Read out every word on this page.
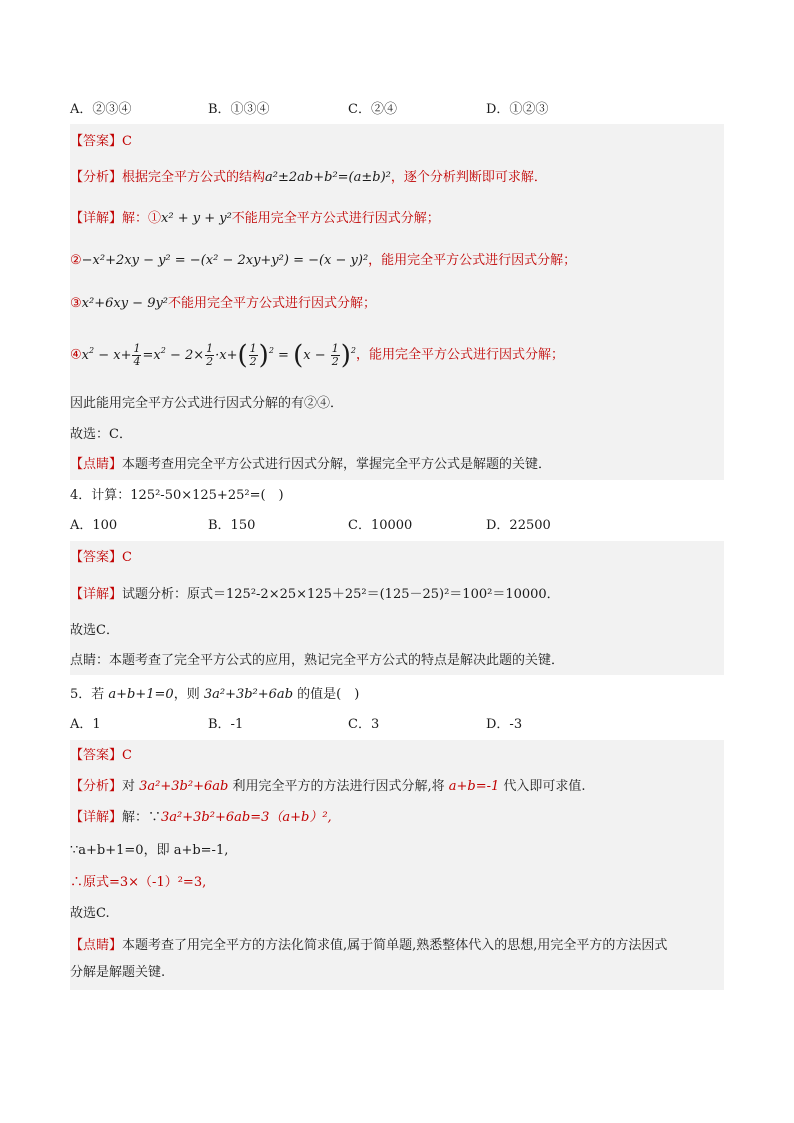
A．②③④	B．①③④	C．②④	D．①②③
【答案】C
【分析】根据完全平方公式的结构a²±2ab+b²=(a±b)²，逐个分析判断即可求解．
【详解】解：①x² + y + y²不能用完全平方公式进行因式分解；
②−x²+2xy − y² = −(x² − 2xy+y²) = −(x − y)²，能用完全平方公式进行因式分解；
③x²+6xy − 9y²不能用完全平方公式进行因式分解；
$④x^2 - x+ \frac{1}{4} =x^2 - 2\times \frac{1}{2} \cdot x+( \frac{1}{2} )^2 = (x - \frac{1}{2} )^2$，能用完全平方公式进行因式分解；
因此能用完全平方公式进行因式分解的有②④．
故选：C．
【点睛】本题考查用完全平方公式进行因式分解，掌握完全平方公式是解题的关键．
4．计算：125²-50×125+25²=(　)
A．100	B．150	C．10000	D．22500
【答案】C
【详解】试题分析：原式＝125²-2×25×125＋25²＝(125－25)²＝100²＝10000．
故选C．
点睛：本题考查了完全平方公式的应用，熟记完全平方公式的特点是解决此题的关键．
5．若 a+b+1=0，则 3a²+3b²+6ab 的值是(　)
A．1	B．-1	C．3	D．-3
【答案】C
【分析】对 3a²+3b²+6ab 利用完全平方的方法进行因式分解,将 a+b=-1 代入即可求值.
【详解】解：∵3a²+3b²+6ab=3（a+b）²,
∵a+b+1=0，即 a+b=-1,
∴原式=3×（-1）²=3,
故选C.
【点睛】本题考查了用完全平方的方法化简求值,属于简单题,熟悉整体代入的思想,用完全平方的方法因式
分解是解题关键.
